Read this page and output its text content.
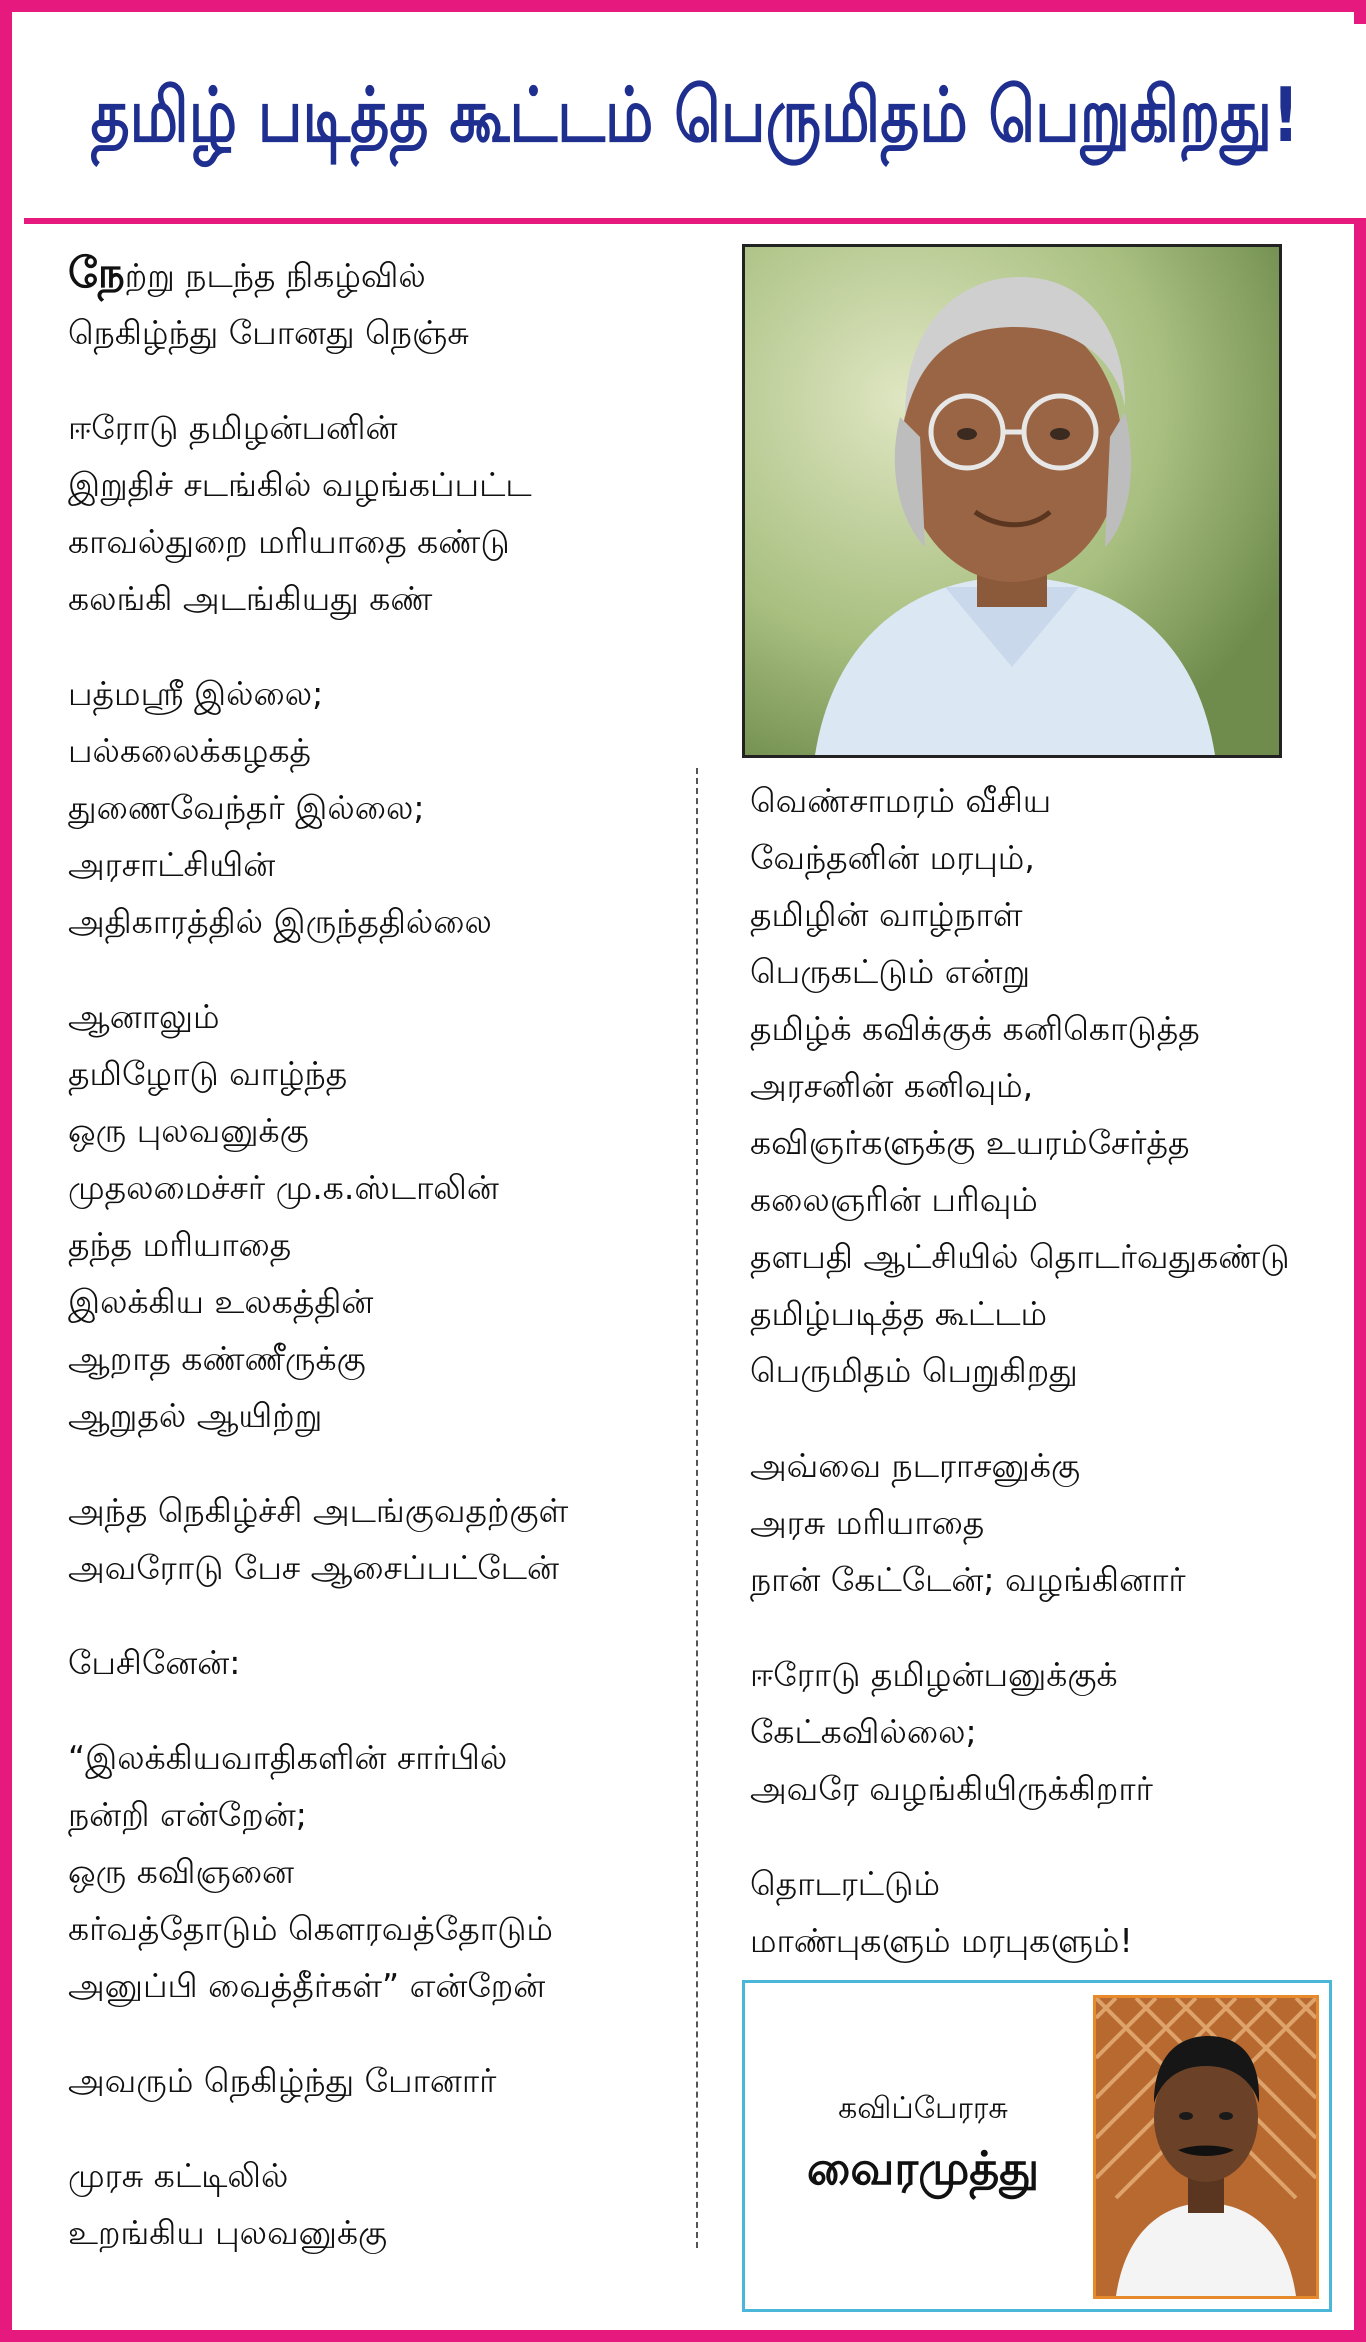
தமிழ் படித்த கூட்டம் பெருமிதம் பெறுகிறது!
நேற்று நடந்த நிகழ்வில்
நெகிழ்ந்து போனது நெஞ்சு
ஈரோடு தமிழன்பனின்
இறுதிச் சடங்கில் வழங்கப்பட்ட
காவல்துறை மரியாதை கண்டு
கலங்கி அடங்கியது கண்
பத்மஸ்ரீ இல்லை;
பல்கலைக்கழகத்
துணைவேந்தர் இல்லை;
அரசாட்சியின்
அதிகாரத்தில் இருந்ததில்லை
ஆனாலும்
தமிழோடு வாழ்ந்த
ஒரு புலவனுக்கு
முதலமைச்சர் மு.க.ஸ்டாலின்
தந்த மரியாதை
இலக்கிய உலகத்தின்
ஆறாத கண்ணீருக்கு
ஆறுதல் ஆயிற்று
அந்த நெகிழ்ச்சி அடங்குவதற்குள்
அவரோடு பேச ஆசைப்பட்டேன்
பேசினேன்:
“இலக்கியவாதிகளின் சார்பில்
நன்றி என்றேன்;
ஒரு கவிஞனை
கர்வத்தோடும் கௌரவத்தோடும்
அனுப்பி வைத்தீர்கள்” என்றேன்
அவரும் நெகிழ்ந்து போனார்
முரசு கட்டிலில்
உறங்கிய புலவனுக்கு
வெண்சாமரம் வீசிய
வேந்தனின் மரபும்,
தமிழின் வாழ்நாள்
பெருகட்டும் என்று
தமிழ்க் கவிக்குக் கனிகொடுத்த
அரசனின் கனிவும்,
கவிஞர்களுக்கு உயரம்சேர்த்த
கலைஞரின் பரிவும்
தளபதி ஆட்சியில் தொடர்வதுகண்டு
தமிழ்படித்த கூட்டம்
பெருமிதம் பெறுகிறது
அவ்வை நடராசனுக்கு
அரசு மரியாதை
நான் கேட்டேன்; வழங்கினார்
ஈரோடு தமிழன்பனுக்குக்
கேட்கவில்லை;
அவரே வழங்கியிருக்கிறார்
தொடரட்டும்
மாண்புகளும் மரபுகளும்!
கவிப்பேரரசு
வைரமுத்து
